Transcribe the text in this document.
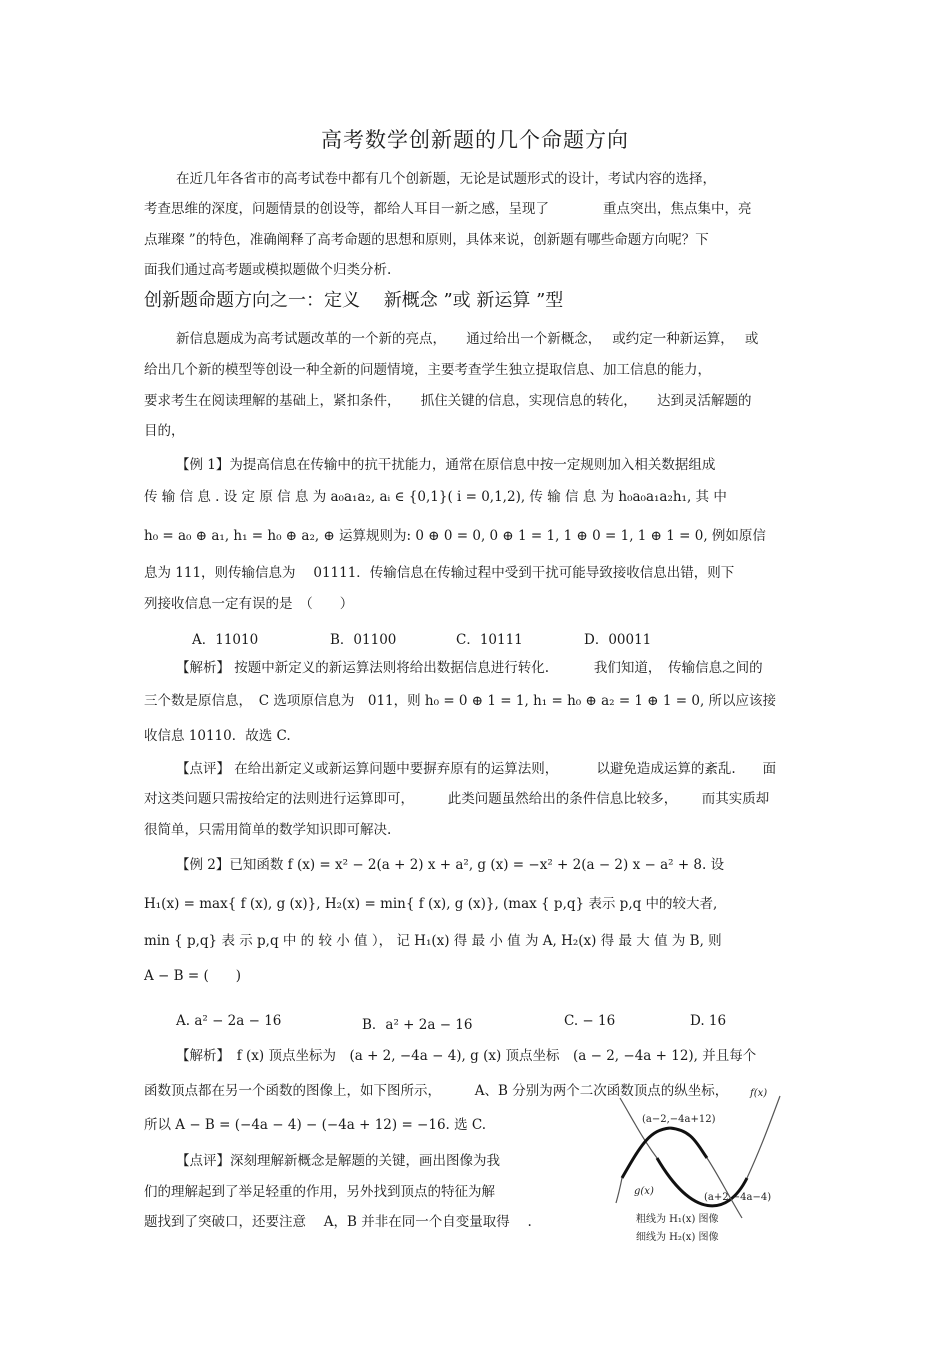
高考数学创新题的几个命题方向
在近几年各省市的高考试卷中都有几个创新题，无论是试题形式的设计，考试内容的选择，
考查思维的深度，问题情景的创设等，都给人耳目一新之感，呈现了　　　　重点突出，焦点集中，亮
点璀璨 ”的特色，准确阐释了高考命题的思想和原则，具体来说，创新题有哪些命题方向呢？下
面我们通过高考题或模拟题做个归类分析.
创新题命题方向之一：定义　 新概念 ”或 新运算 ”型
新信息题成为高考试题改革的一个新的亮点，　　通过给出一个新概念，　 或约定一种新运算，　 或
给出几个新的模型等创设一种全新的问题情境，主要考查学生独立提取信息、加工信息的能力，
要求考生在阅读理解的基础上，紧扣条件，　　抓住关键的信息，实现信息的转化，　　达到灵活解题的
目的，
【例 1】为提高信息在传输中的抗干扰能力，通常在原信息中按一定规则加入相关数据组成
传 输 信 息 . 设 定 原 信 息 为 a₀a₁a₂, aᵢ ∈ {0,1}( i = 0,1,2), 传 输 信 息 为 h₀a₀a₁a₂h₁, 其 中
h₀ = a₀ ⊕ a₁, h₁ = h₀ ⊕ a₂, ⊕ 运算规则为: 0 ⊕ 0 = 0, 0 ⊕ 1 = 1, 1 ⊕ 0 = 1, 1 ⊕ 1 = 0, 例如原信
息为 111，则传输信息为　 01111．传输信息在传输过程中受到干扰可能导致接收信息出错，则下
列接收信息一定有误的是　（　　）
A．11010	B．01100	C．10111	D．00011
【解析】 按题中新定义的新运算法则将给出数据信息进行转化.　　　 我们知道，　传输信息之间的
三个数是原信息，　C 选项原信息为　011，则 h₀ = 0 ⊕ 1 = 1, h₁ = h₀ ⊕ a₂ = 1 ⊕ 1 = 0, 所以应该接
收信息 10110．故选 C.
【点评】 在给出新定义或新运算问题中要摒弃原有的运算法则，　　　 以避免造成运算的紊乱.　　面
对这类问题只需按给定的法则进行运算即可，　　　此类问题虽然给出的条件信息比较多，　　 而其实质却
很简单，只需用简单的数学知识即可解决.
【例 2】已知函数 f (x) = x² − 2(a + 2) x + a², g (x) = −x² + 2(a − 2) x − a² + 8. 设
H₁(x) = max{ f (x), g (x)}, H₂(x) = min{ f (x), g (x)}, (max { p,q} 表示 p,q 中的较大者,
min { p,q} 表 示 p,q 中 的 较 小 值 ）， 记 H₁(x) 得 最 小 值 为 A, H₂(x) 得 最 大 值 为 B, 则
A − B = (　　)
A. a² − 2a − 16	B．a² + 2a − 16	C. − 16	D. 16
【解析】　f (x) 顶点坐标为　(a + 2, −4a − 4), g (x) 顶点坐标　(a − 2, −4a + 12), 并且每个
函数顶点都在另一个函数的图像上，如下图所示，　　　A、B 分别为两个二次函数顶点的纵坐标，
所以 A − B = (−4a − 4) − (−4a + 12) = −16. 选 C.
【点评】深刻理解新概念是解题的关键，画出图像为我
们的理解起到了举足轻重的作用，另外找到顶点的特征为解
题找到了突破口，还要注意　 A，B 并非在同一个自变量取得　 .
(a−2,−4a+12)
f(x)
g(x)
(a+2,−4a−4)
粗线为 H₁(x) 图像
细线为 H₂(x) 图像
